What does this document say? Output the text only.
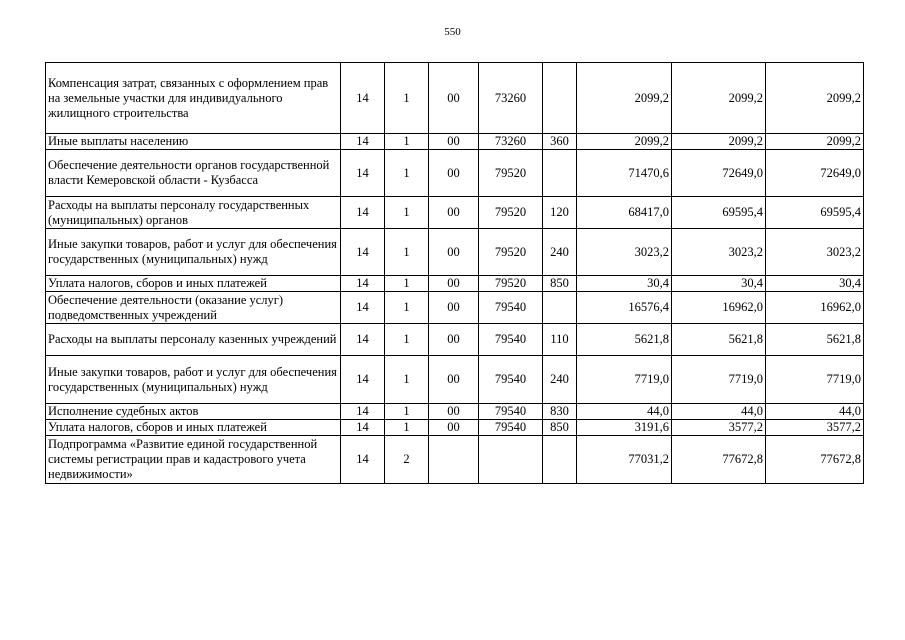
550
Компенсация затрат, связанных с оформлением прав на земельные участки для индивидуального жилищного строительства	14	1	00	73260		2099,2	2099,2	2099,2
Иные выплаты населению	14	1	00	73260	360	2099,2	2099,2	2099,2
Обеспечение деятельности органов государственной власти Кемеровской области - Кузбасса	14	1	00	79520		71470,6	72649,0	72649,0
Расходы на выплаты персоналу государственных (муниципальных) органов	14	1	00	79520	120	68417,0	69595,4	69595,4
Иные закупки товаров, работ и услуг для обеспечения государственных (муниципальных) нужд	14	1	00	79520	240	3023,2	3023,2	3023,2
Уплата налогов, сборов и иных платежей	14	1	00	79520	850	30,4	30,4	30,4
Обеспечение деятельности (оказание услуг) подведомственных учреждений	14	1	00	79540		16576,4	16962,0	16962,0
Расходы на выплаты персоналу казенных учреждений	14	1	00	79540	110	5621,8	5621,8	5621,8
Иные закупки товаров, работ и услуг для обеспечения государственных (муниципальных) нужд	14	1	00	79540	240	7719,0	7719,0	7719,0
Исполнение судебных актов	14	1	00	79540	830	44,0	44,0	44,0
Уплата налогов, сборов и иных платежей	14	1	00	79540	850	3191,6	3577,2	3577,2
Подпрограмма «Развитие единой государственной системы регистрации прав и кадастрового учета недвижимости»	14	2				77031,2	77672,8	77672,8
